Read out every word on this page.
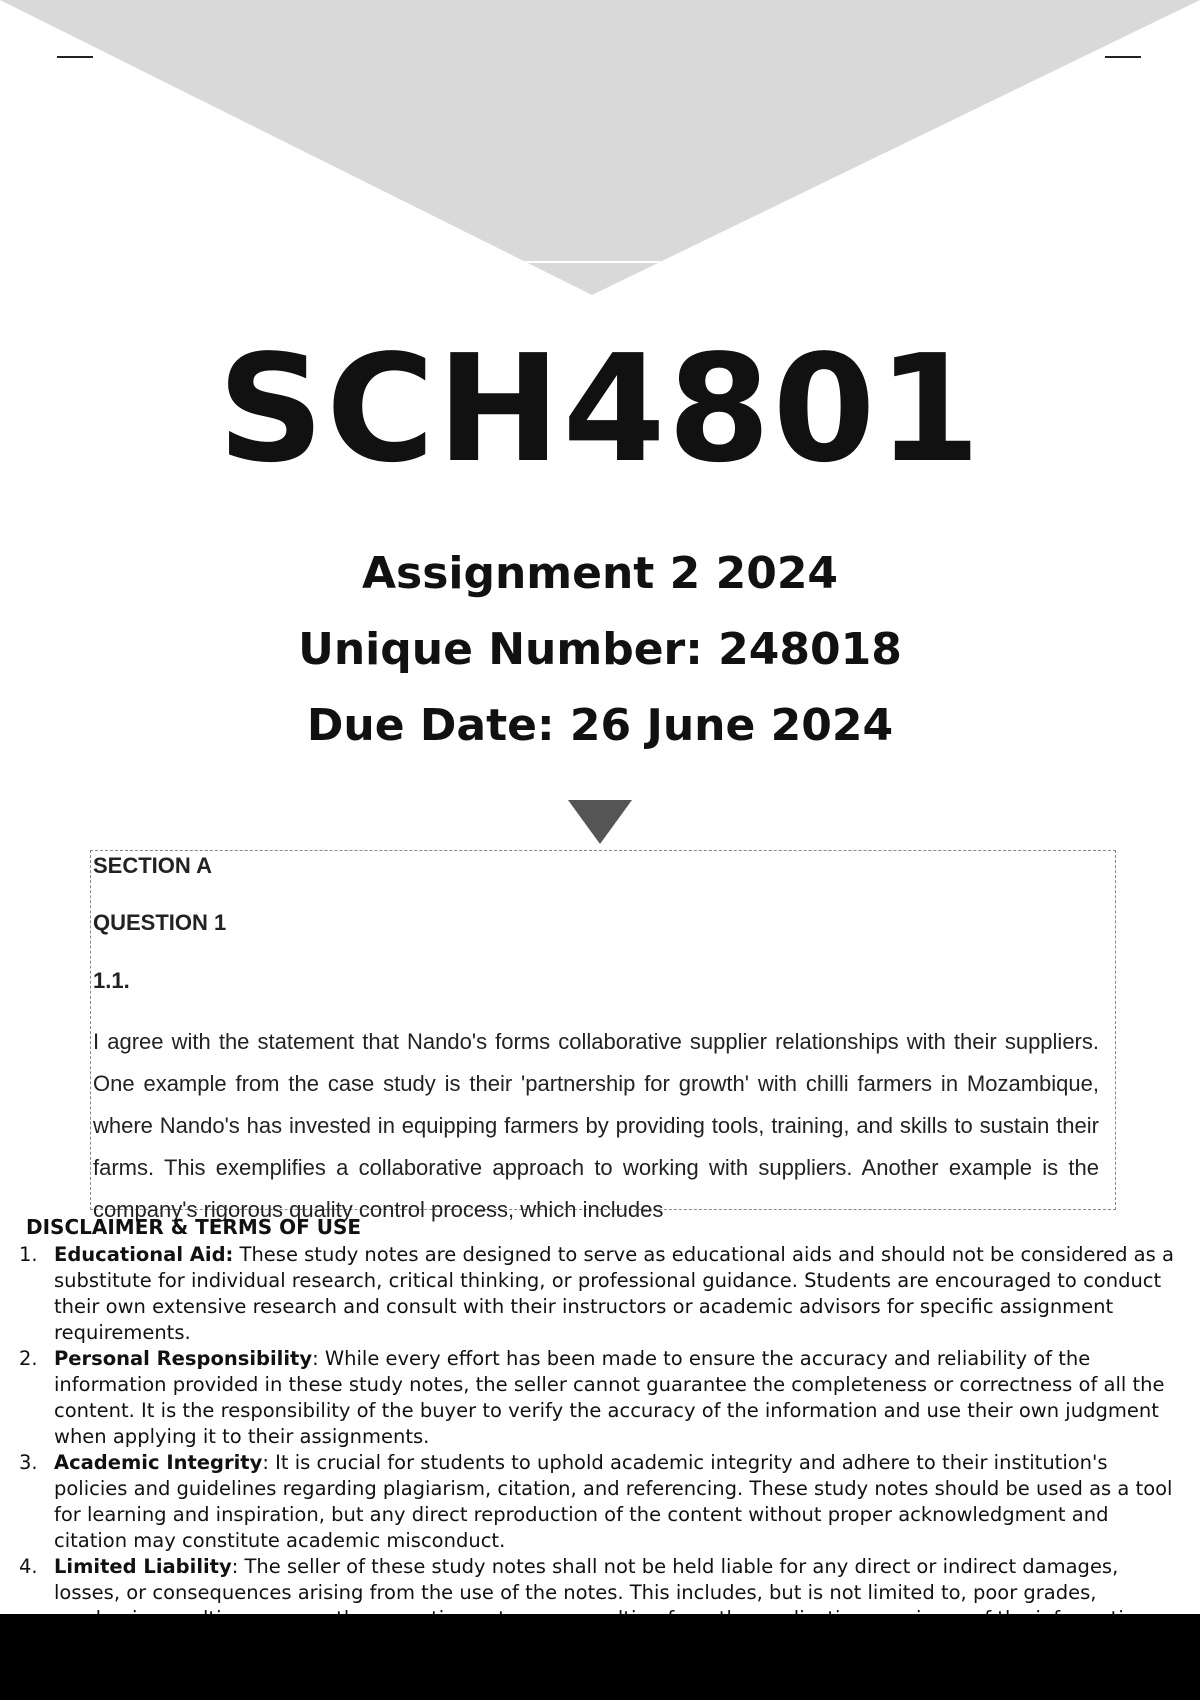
SCH4801
Assignment 2 2024
Unique Number: 248018
Due Date: 26 June 2024

SECTION A

QUESTION 1

1.1.

I agree with the statement that Nando's forms collaborative supplier relationships with their suppliers. One example from the case study is their 'partnership for growth' with chilli farmers in Mozambique, where Nando's has invested in equipping farmers by providing tools, training, and skills to sustain their farms. This exemplifies a collaborative approach to working with suppliers. Another example is the company's rigorous quality control process, which includes

DISCLAIMER & TERMS OF USE

1. Educational Aid: These study notes are designed to serve as educational aids and should not be considered as a substitute for individual research, critical thinking, or professional guidance. Students are encouraged to conduct their own extensive research and consult with their instructors or academic advisors for specific assignment requirements.
2. Personal Responsibility: While every effort has been made to ensure the accuracy and reliability of the information provided in these study notes, the seller cannot guarantee the completeness or correctness of all the content. It is the responsibility of the buyer to verify the accuracy of the information and use their own judgment when applying it to their assignments.
3. Academic Integrity: It is crucial for students to uphold academic integrity and adhere to their institution's policies and guidelines regarding plagiarism, citation, and referencing. These study notes should be used as a tool for learning and inspiration, but any direct reproduction of the content without proper acknowledgment and citation may constitute academic misconduct.
4. Limited Liability: The seller of these study notes shall not be held liable for any direct or indirect damages, losses, or consequences arising from the use of the notes. This includes, but is not limited to, poor grades,
